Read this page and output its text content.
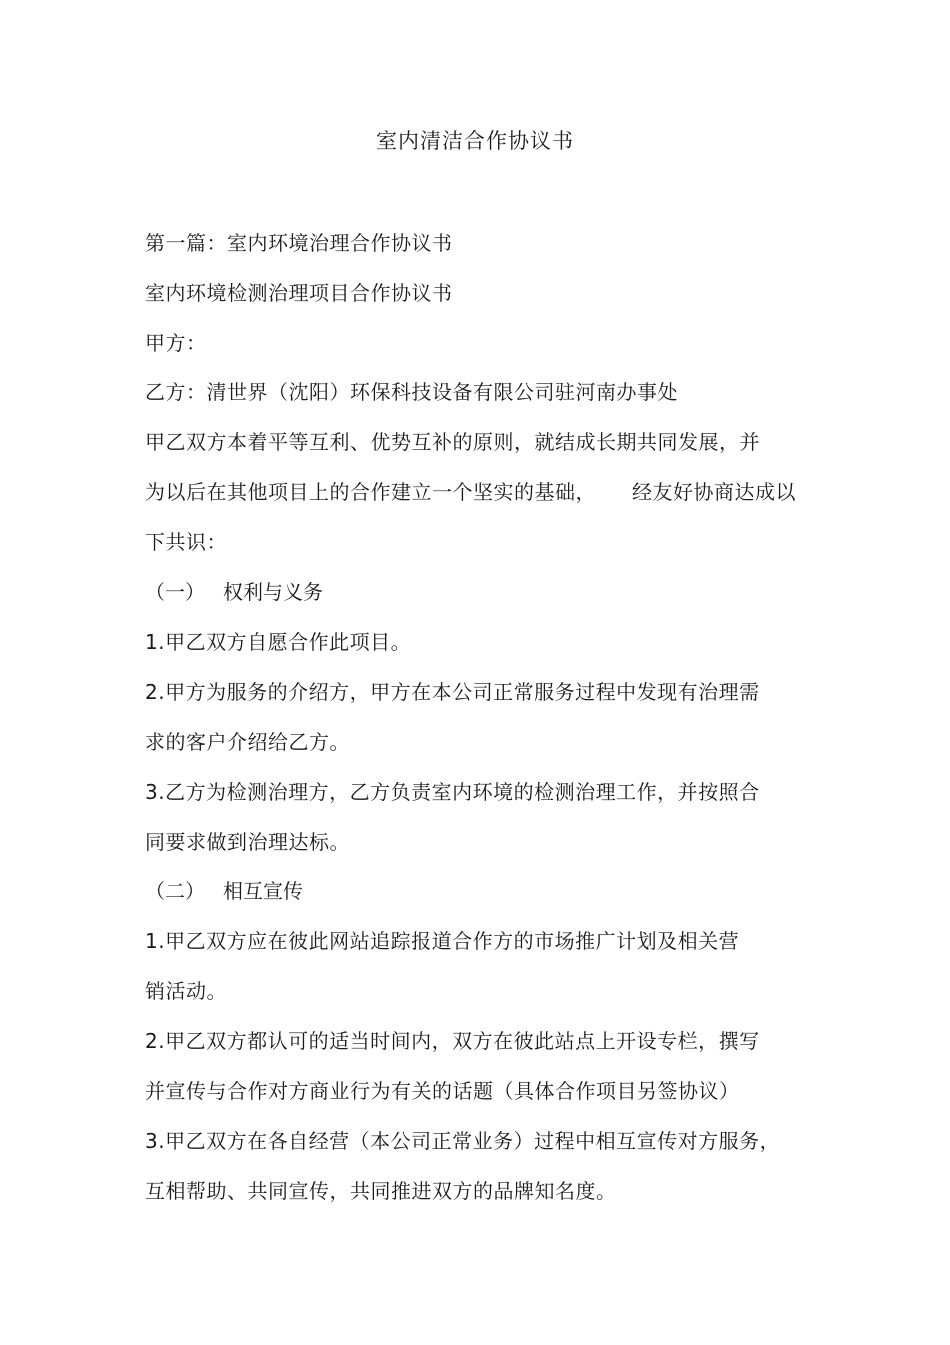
室内清洁合作协议书
第一篇：室内环境治理合作协议书
室内环境检测治理项目合作协议书
甲方：
乙方：清世界（沈阳）环保科技设备有限公司驻河南办事处
甲乙双方本着平等互利、优势互补的原则，就结成长期共同发展，并
为以后在其他项目上的合作建立一个坚实的基础， 经友好协商达成以
下共识：
（一） 权利与义务
1.甲乙双方自愿合作此项目。
2.甲方为服务的介绍方，甲方在本公司正常服务过程中发现有治理需
求的客户介绍给乙方。
3.乙方为检测治理方，乙方负责室内环境的检测治理工作，并按照合
同要求做到治理达标。
（二） 相互宣传
1.甲乙双方应在彼此网站追踪报道合作方的市场推广计划及相关营
销活动。
2.甲乙双方都认可的适当时间内，双方在彼此站点上开设专栏，撰写
并宣传与合作对方商业行为有关的话题（具体合作项目另签协议）
3.甲乙双方在各自经营（本公司正常业务）过程中相互宣传对方服务，
互相帮助、共同宣传，共同推进双方的品牌知名度。
